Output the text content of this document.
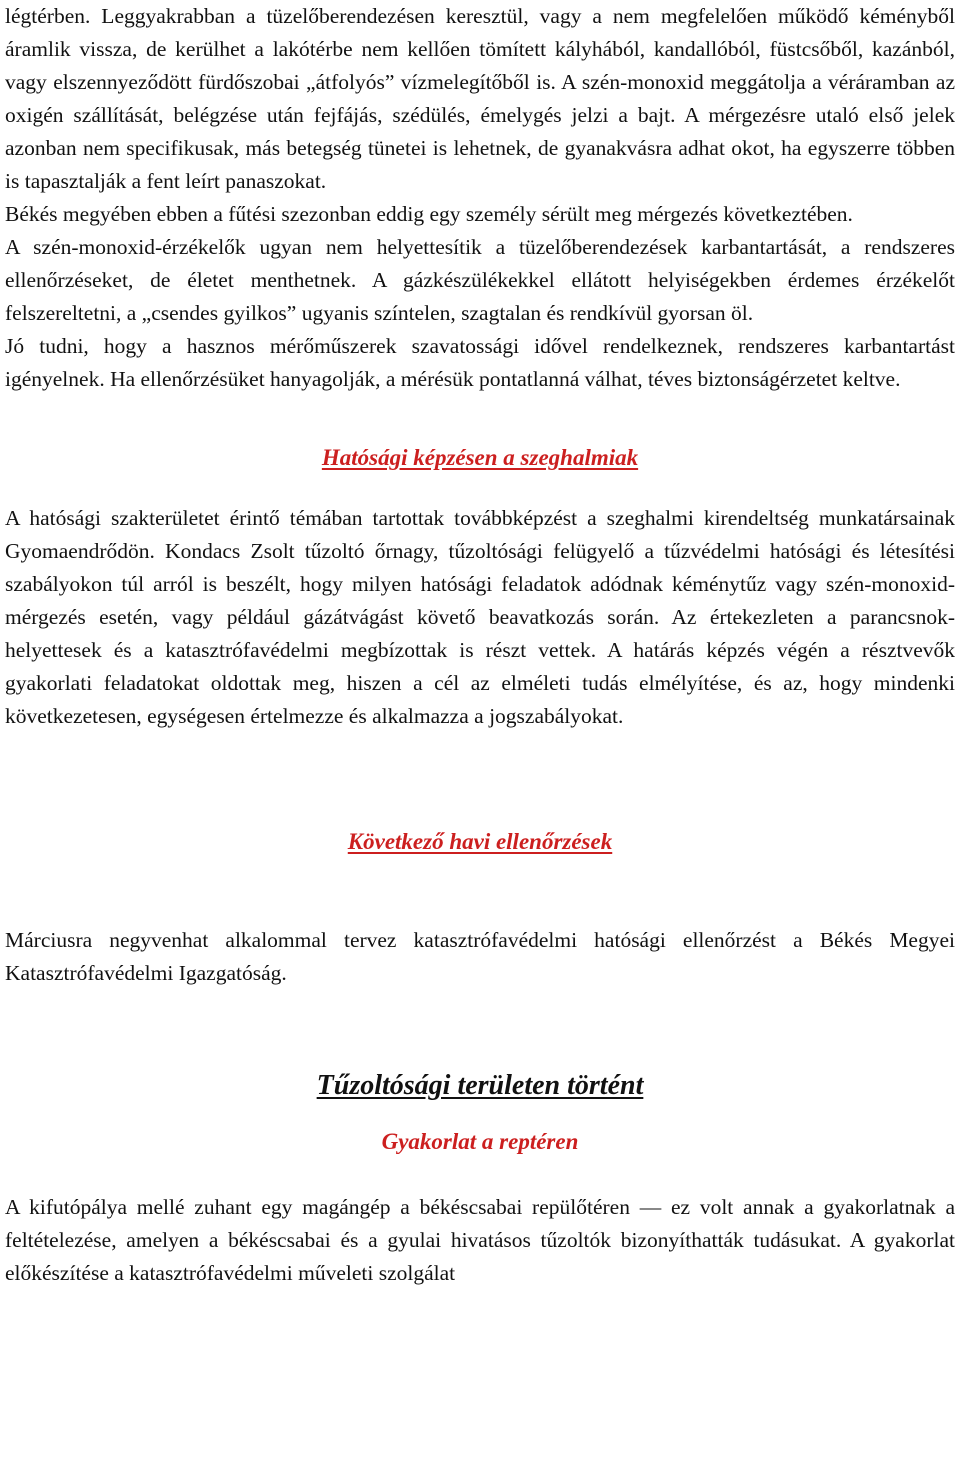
légtérben. Leggyakrabban a tüzelőberendezésen keresztül, vagy a nem megfelelően működő kéményből áramlik vissza, de kerülhet a lakótérbe nem kellően tömített kályhából, kandallóból, füstcsőből, kazánból, vagy elszennyeződött fürdőszobai „átfolyós” vízmelegítőből is. A szén-monoxid meggátolja a véráramban az oxigén szállítását, belégzése után fejfájás, szédülés, émelygés jelzi a bajt. A mérgezésre utaló első jelek azonban nem specifikusak, más betegség tünetei is lehetnek, de gyanakvásra adhat okot, ha egyszerre többen is tapasztalják a fent leírt panaszokat.

Békés megyében ebben a fűtési szezonban eddig egy személy sérült meg mérgezés következtében.

A szén-monoxid-érzékelők ugyan nem helyettesítik a tüzelőberendezések karbantartását, a rendszeres ellenőrzéseket, de életet menthetnek. A gázkészülékekkel ellátott helyiségekben érdemes érzékelőt felszereltetni, a „csendes gyilkos” ugyanis színtelen, szagtalan és rendkívül gyorsan öl.

Jó tudni, hogy a hasznos mérőműszerek szavatossági idővel rendelkeznek, rendszeres karbantartást igényelnek. Ha ellenőrzésüket hanyagolják, a mérésük pontatlanná válhat, téves biztonságérzetet keltve.

Hatósági képzésen a szeghalmiak

A hatósági szakterületet érintő témában tartottak továbbképzést a szeghalmi kirendeltség munkatársainak Gyomaendrődön. Kondacs Zsolt tűzoltó őrnagy, tűzoltósági felügyelő a tűzvédelmi hatósági és létesítési szabályokon túl arról is beszélt, hogy milyen hatósági feladatok adódnak kéménytűz vagy szén-monoxid-mérgezés esetén, vagy például gázátvágást követő beavatkozás során. Az értekezleten a parancsnok-helyettesek és a katasztrófavédelmi megbízottak is részt vettek. A határás képzés végén a résztvevők gyakorlati feladatokat oldottak meg, hiszen a cél az elméleti tudás elmélyítése, és az, hogy mindenki következetesen, egységesen értelmezze és alkalmazza a jogszabályokat.

Következő havi ellenőrzések

Márciusra negyvenhat alkalommal tervez katasztrófavédelmi hatósági ellenőrzést a Békés Megyei Katasztrófavédelmi Igazgatóság.

Tűzoltósági területen történt
Gyakorlat a reptéren

A kifutópálya mellé zuhant egy magángép a békéscsabai repülőtéren — ez volt annak a gyakorlatnak a feltételezése, amelyen a békéscsabai és a gyulai hivatásos tűzoltók bizonyíthatták tudásukat. A gyakorlat előkészítése a katasztrófavédelmi műveleti szolgálat
